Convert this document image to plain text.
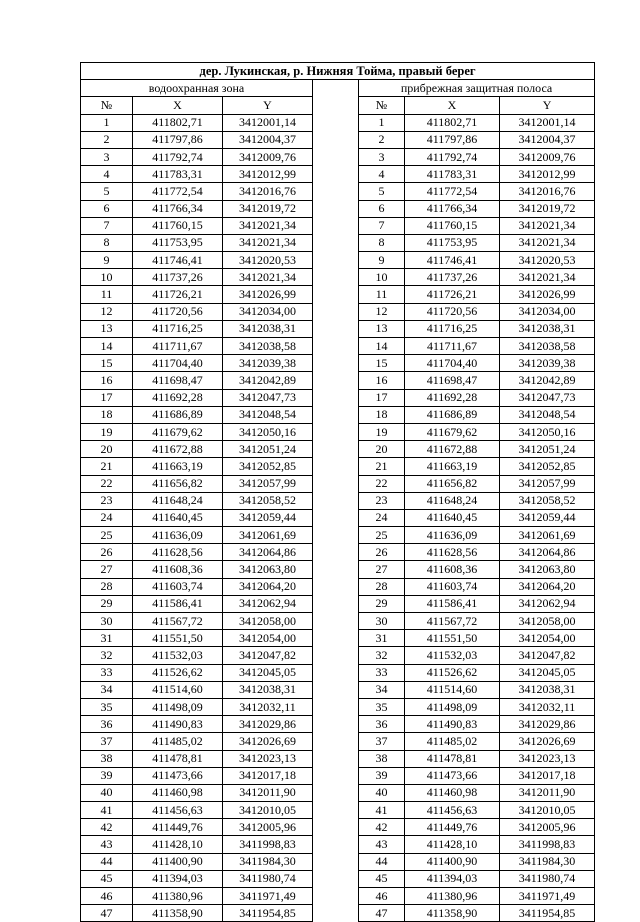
дер. Лукинская, р. Нижняя Тойма, правый берег						
водоохранная зона				прибрежная защитная полоса		
№	X	Y		№	X	Y
1	411802,71	3412001,14		1	411802,71	3412001,14
2	411797,86	3412004,37		2	411797,86	3412004,37
3	411792,74	3412009,76		3	411792,74	3412009,76
4	411783,31	3412012,99		4	411783,31	3412012,99
5	411772,54	3412016,76		5	411772,54	3412016,76
6	411766,34	3412019,72		6	411766,34	3412019,72
7	411760,15	3412021,34		7	411760,15	3412021,34
8	411753,95	3412021,34		8	411753,95	3412021,34
9	411746,41	3412020,53		9	411746,41	3412020,53
10	411737,26	3412021,34		10	411737,26	3412021,34
11	411726,21	3412026,99		11	411726,21	3412026,99
12	411720,56	3412034,00		12	411720,56	3412034,00
13	411716,25	3412038,31		13	411716,25	3412038,31
14	411711,67	3412038,58		14	411711,67	3412038,58
15	411704,40	3412039,38		15	411704,40	3412039,38
16	411698,47	3412042,89		16	411698,47	3412042,89
17	411692,28	3412047,73		17	411692,28	3412047,73
18	411686,89	3412048,54		18	411686,89	3412048,54
19	411679,62	3412050,16		19	411679,62	3412050,16
20	411672,88	3412051,24		20	411672,88	3412051,24
21	411663,19	3412052,85		21	411663,19	3412052,85
22	411656,82	3412057,99		22	411656,82	3412057,99
23	411648,24	3412058,52		23	411648,24	3412058,52
24	411640,45	3412059,44		24	411640,45	3412059,44
25	411636,09	3412061,69		25	411636,09	3412061,69
26	411628,56	3412064,86		26	411628,56	3412064,86
27	411608,36	3412063,80		27	411608,36	3412063,80
28	411603,74	3412064,20		28	411603,74	3412064,20
29	411586,41	3412062,94		29	411586,41	3412062,94
30	411567,72	3412058,00		30	411567,72	3412058,00
31	411551,50	3412054,00		31	411551,50	3412054,00
32	411532,03	3412047,82		32	411532,03	3412047,82
33	411526,62	3412045,05		33	411526,62	3412045,05
34	411514,60	3412038,31		34	411514,60	3412038,31
35	411498,09	3412032,11		35	411498,09	3412032,11
36	411490,83	3412029,86		36	411490,83	3412029,86
37	411485,02	3412026,69		37	411485,02	3412026,69
38	411478,81	3412023,13		38	411478,81	3412023,13
39	411473,66	3412017,18		39	411473,66	3412017,18
40	411460,98	3412011,90		40	411460,98	3412011,90
41	411456,63	3412010,05		41	411456,63	3412010,05
42	411449,76	3412005,96		42	411449,76	3412005,96
43	411428,10	3411998,83		43	411428,10	3411998,83
44	411400,90	3411984,30		44	411400,90	3411984,30
45	411394,03	3411980,74		45	411394,03	3411980,74
46	411380,96	3411971,49		46	411380,96	3411971,49
47	411358,90	3411954,85		47	411358,90	3411954,85
